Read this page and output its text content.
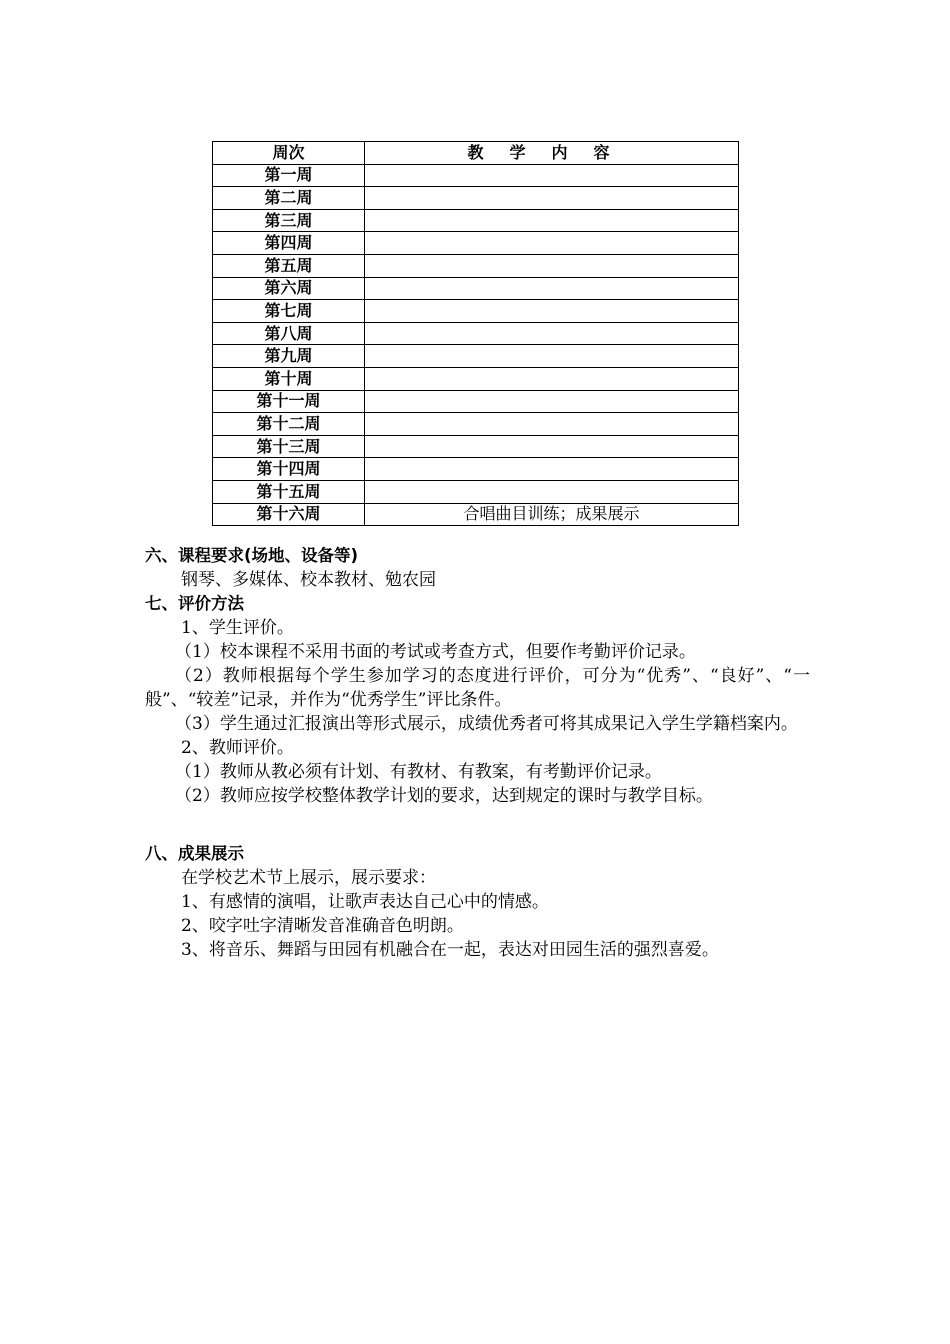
周次	教学内容
第一周	
第二周	
第三周	
第四周	
第五周	
第六周	
第七周	
第八周	
第九周	
第十周	
第十一周	
第十二周	
第十三周	
第十四周	
第十五周	
第十六周	合唱曲目训练；成果展示
六、课程要求(场地、设备等)
钢琴、多媒体、校本教材、勉农园
七、评价方法
1、学生评价。
（1）校本课程不采用书面的考试或考查方式，但要作考勤评价记录。
（2）教师根据每个学生参加学习的态度进行评价，可分为“优秀”、“良好”、“一般”、“较差”记录，并作为“优秀学生”评比条件。
（3）学生通过汇报演出等形式展示，成绩优秀者可将其成果记入学生学籍档案内。
2、教师评价。
（1）教师从教必须有计划、有教材、有教案，有考勤评价记录。
（2）教师应按学校整体教学计划的要求，达到规定的课时与教学目标。
八、成果展示
在学校艺术节上展示，展示要求：
1、有感情的演唱，让歌声表达自己心中的情感。
2、咬字吐字清晰发音准确音色明朗。
3、将音乐、舞蹈与田园有机融合在一起，表达对田园生活的强烈喜爱。
